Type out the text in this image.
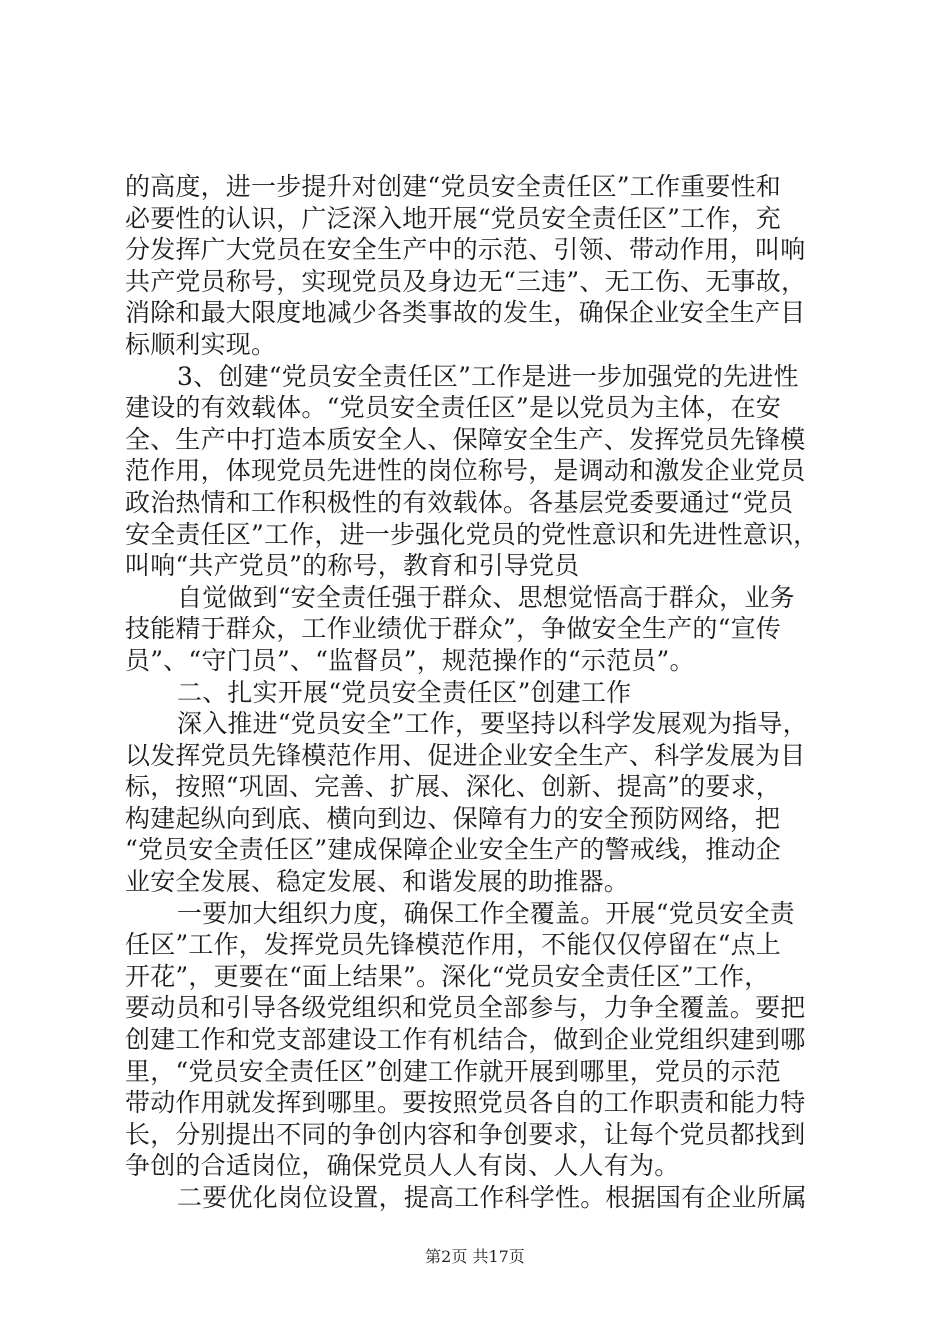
的高度，进一步提升对创建“党员安全责任区”工作重要性和
必要性的认识，广泛深入地开展“党员安全责任区”工作，充
分发挥广大党员在安全生产中的示范、引领、带动作用，叫响
共产党员称号，实现党员及身边无“三违”、无工伤、无事故，
消除和最大限度地减少各类事故的发生，确保企业安全生产目
标顺利实现。
3、创建“党员安全责任区”工作是进一步加强党的先进性
建设的有效载体。“党员安全责任区”是以党员为主体，在安
全、生产中打造本质安全人、保障安全生产、发挥党员先锋模
范作用，体现党员先进性的岗位称号，是调动和激发企业党员
政治热情和工作积极性的有效载体。各基层党委要通过“党员
安全责任区”工作，进一步强化党员的党性意识和先进性意识，
叫响“共产党员”的称号，教育和引导党员
自觉做到“安全责任强于群众、思想觉悟高于群众，业务
技能精于群众，工作业绩优于群众”，争做安全生产的“宣传
员”、“守门员”、“监督员”，规范操作的“示范员”。
二、扎实开展“党员安全责任区”创建工作
深入推进“党员安全”工作，要坚持以科学发展观为指导，
以发挥党员先锋模范作用、促进企业安全生产、科学发展为目
标，按照“巩固、完善、扩展、深化、创新、提高”的要求，
构建起纵向到底、横向到边、保障有力的安全预防网络，把
“党员安全责任区”建成保障企业安全生产的警戒线，推动企
业安全发展、稳定发展、和谐发展的助推器。
一要加大组织力度，确保工作全覆盖。开展“党员安全责
任区”工作，发挥党员先锋模范作用，不能仅仅停留在“点上
开花”，更要在“面上结果”。深化“党员安全责任区”工作，
要动员和引导各级党组织和党员全部参与，力争全覆盖。要把
创建工作和党支部建设工作有机结合，做到企业党组织建到哪
里，“党员安全责任区”创建工作就开展到哪里，党员的示范
带动作用就发挥到哪里。要按照党员各自的工作职责和能力特
长，分别提出不同的争创内容和争创要求，让每个党员都找到
争创的合适岗位，确保党员人人有岗、人人有为。
二要优化岗位设置，提高工作科学性。根据国有企业所属
第2页 共17页
